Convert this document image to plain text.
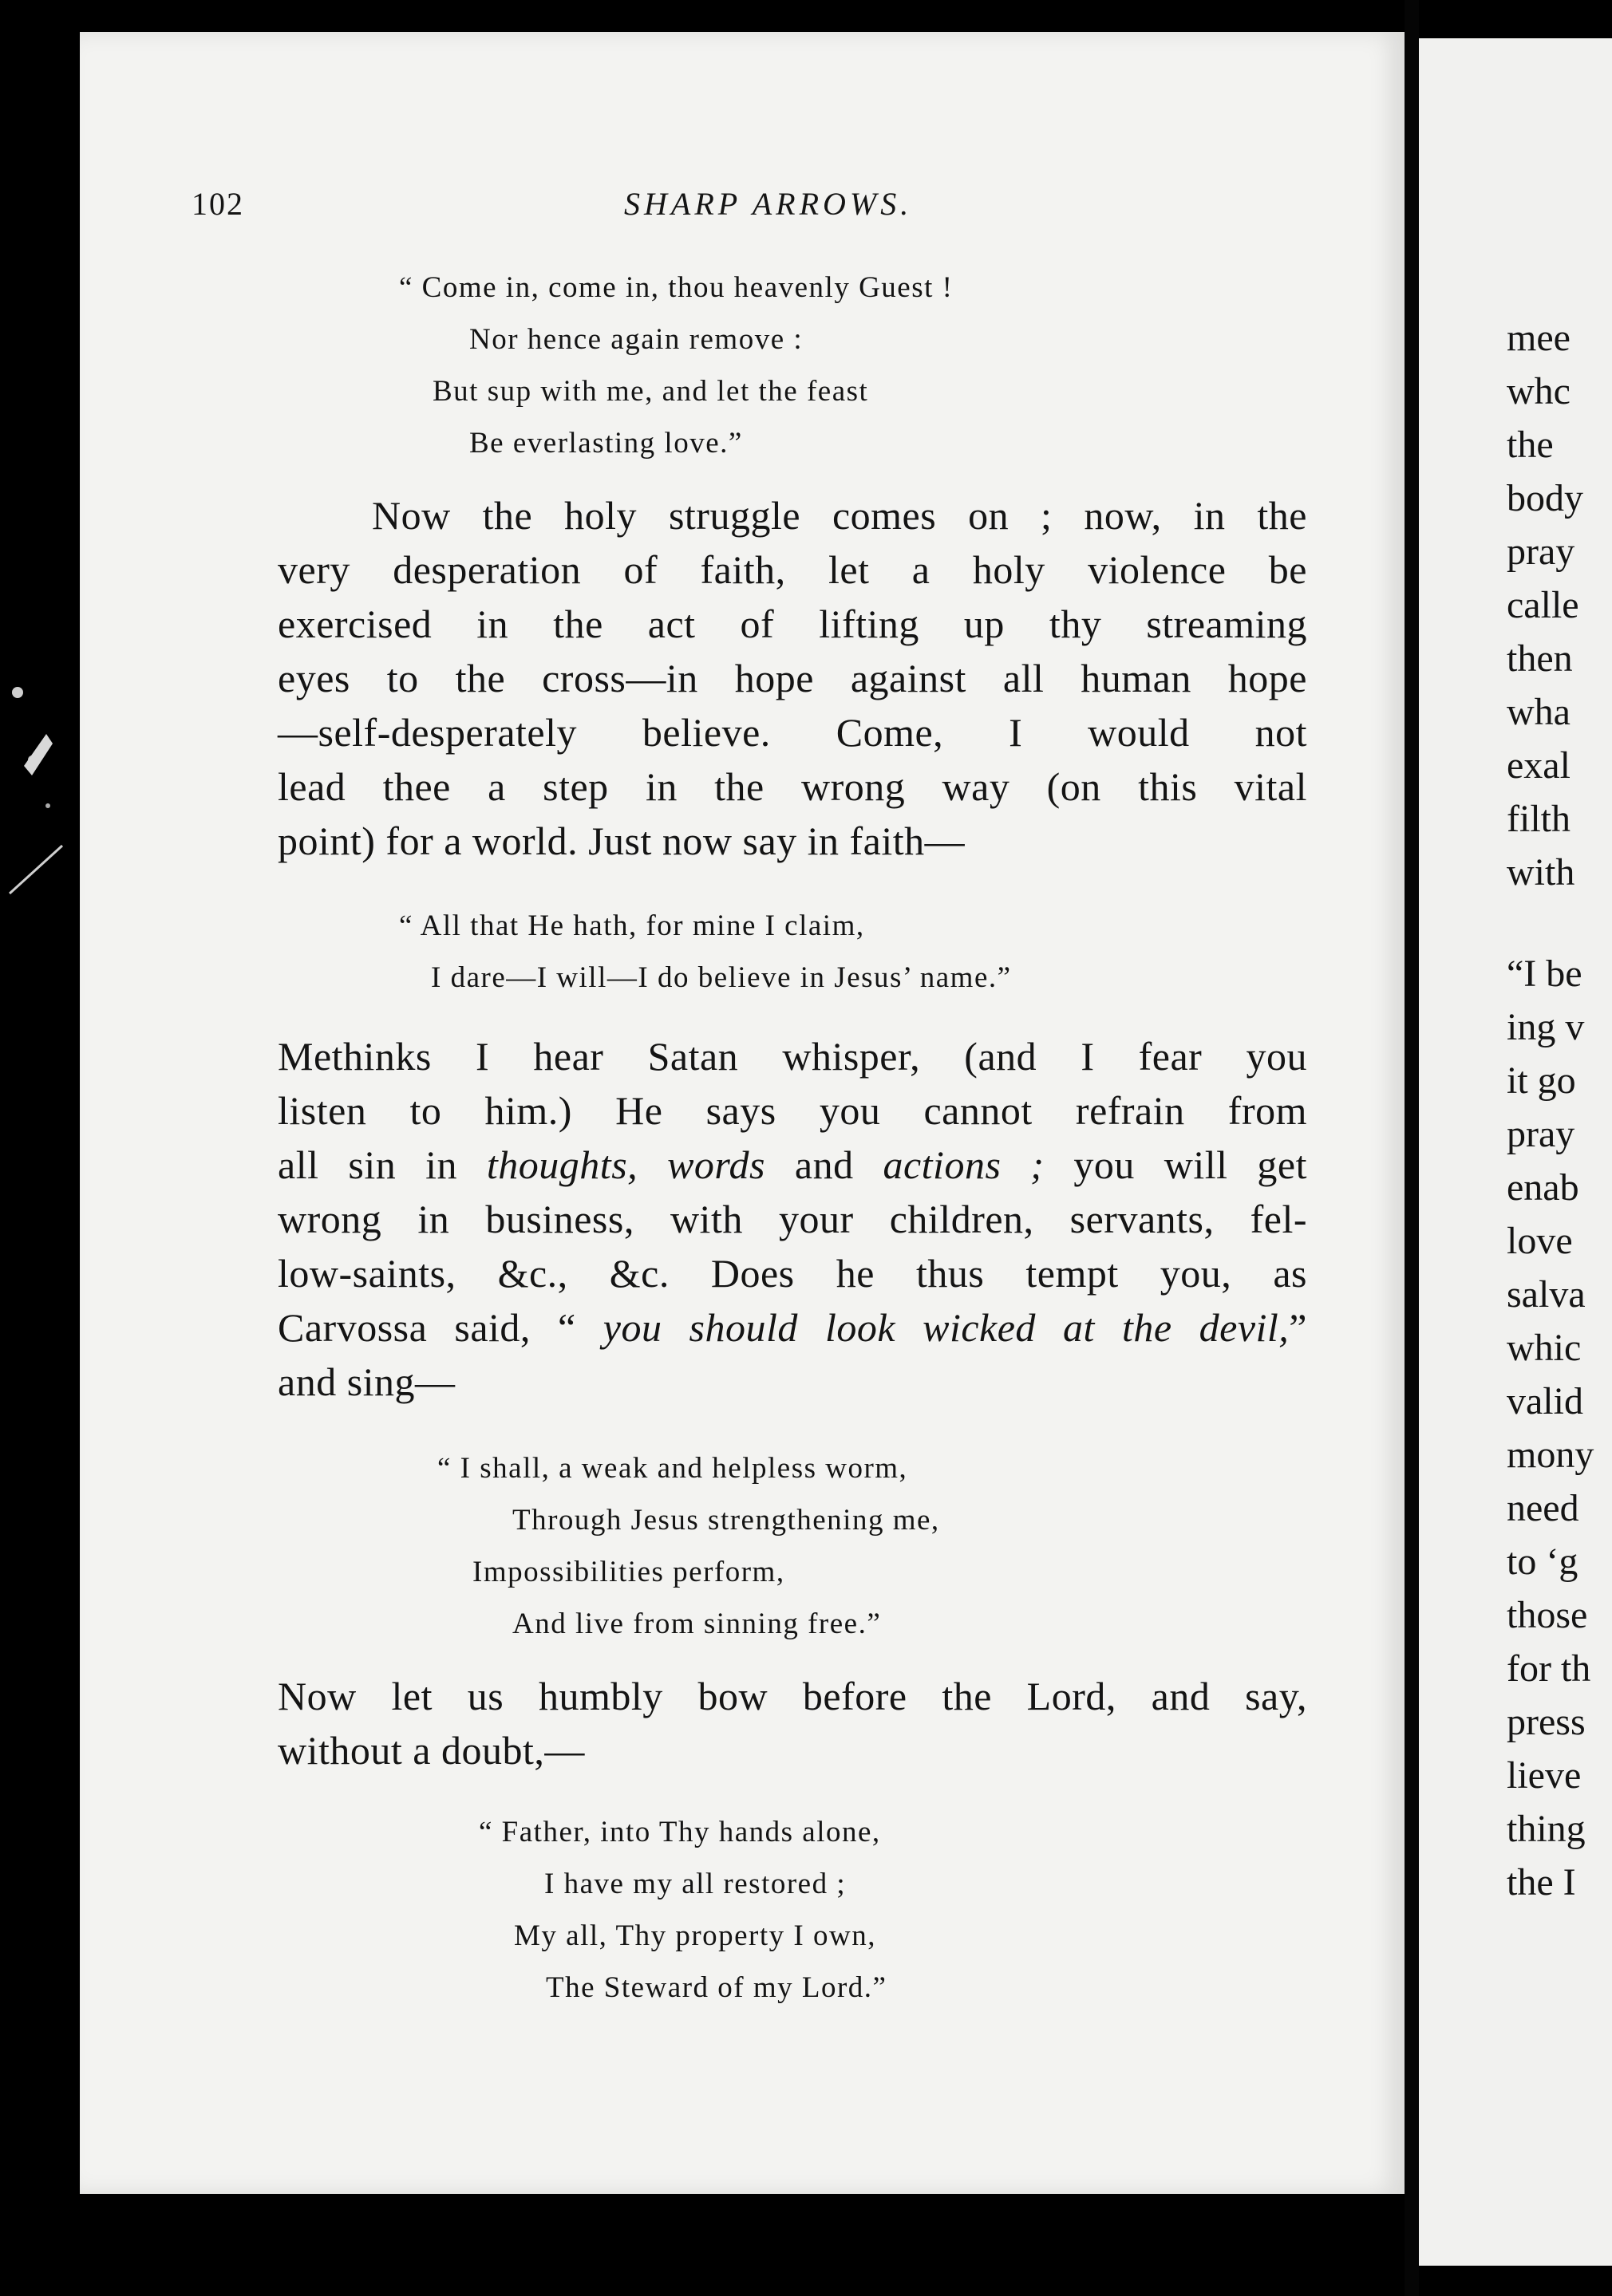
102	SHARP ARROWS.
“ Come in, come in, thou heavenly Guest !
Nor hence again remove :
But sup with me, and let the feast
Be everlasting love.”
Now the holy struggle comes on ; now, in the
very desperation of faith, let a holy violence be
exercised in the act of lifting up thy streaming
eyes to the cross—in hope against all human hope
—self-desperately believe. Come, I would not
lead thee a step in the wrong way (on this vital
point) for a world. Just now say in faith—
“ All that He hath, for mine I claim,
I dare—I will—I do believe in Jesus’ name.”
Methinks I hear Satan whisper, (and I fear you
listen to him.) He says you cannot refrain from
all sin in thoughts, words and actions ; you will get
wrong in business, with your children, servants, fel-
low-saints, &c., &c. Does he thus tempt you, as
Carvossa said, “ you should look wicked at the devil,”
and sing—
“ I shall, a weak and helpless worm,
Through Jesus strengthening me,
Impossibilities perform,
And live from sinning free.”
Now let us humbly bow before the Lord, and say,
without a doubt,—
“ Father, into Thy hands alone,
I have my all restored ;
My all, Thy property I own,
The Steward of my Lord.”
mee
whc
the
body
pray
calle
then
wha
exal
filth
with
“I be
ing v
it go
pray
enab
love
salva
whic
valid
mony
need
to ‘g
those
for th
press
lieve
thing
the I
